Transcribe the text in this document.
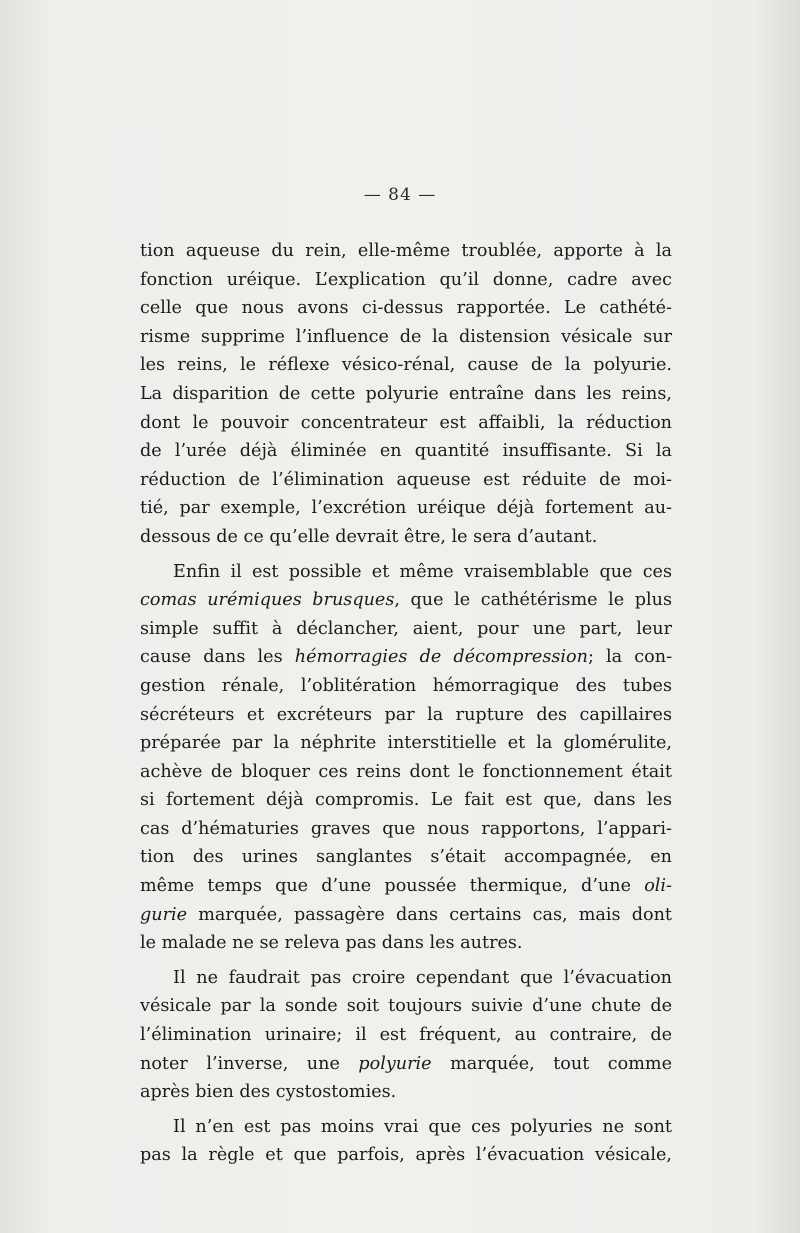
— 84 —
tion aqueuse du rein, elle-même troublée, apporte à la
fonction uréique. L’explication qu’il donne, cadre avec
celle que nous avons ci-dessus rapportée. Le cathété-
risme supprime l’influence de la distension vésicale sur
les reins, le réflexe vésico-rénal, cause de la polyurie.
La disparition de cette polyurie entraîne dans les reins,
dont le pouvoir concentrateur est affaibli, la réduction
de l’urée déjà éliminée en quantité insuffisante. Si la
réduction de l’élimination aqueuse est réduite de moi-
tié, par exemple, l’excrétion uréique déjà fortement au-
dessous de ce qu’elle devrait être, le sera d’autant.
Enfin il est possible et même vraisemblable que ces
comas urémiques brusques, que le cathétérisme le plus
simple suffit à déclancher, aient, pour une part, leur
cause dans les hémorragies de décompression; la con-
gestion rénale, l’oblitération hémorragique des tubes
sécréteurs et excréteurs par la rupture des capillaires
préparée par la néphrite interstitielle et la glomérulite,
achève de bloquer ces reins dont le fonctionnement était
si fortement déjà compromis. Le fait est que, dans les
cas d’hématuries graves que nous rapportons, l’appari-
tion des urines sanglantes s’était accompagnée, en
même temps que d’une poussée thermique, d’une oli-
gurie marquée, passagère dans certains cas, mais dont
le malade ne se releva pas dans les autres.
Il ne faudrait pas croire cependant que l’évacuation
vésicale par la sonde soit toujours suivie d’une chute de
l’élimination urinaire; il est fréquent, au contraire, de
noter l’inverse, une polyurie marquée, tout comme
après bien des cystostomies.
Il n’en est pas moins vrai que ces polyuries ne sont
pas la règle et que parfois, après l’évacuation vésicale,
